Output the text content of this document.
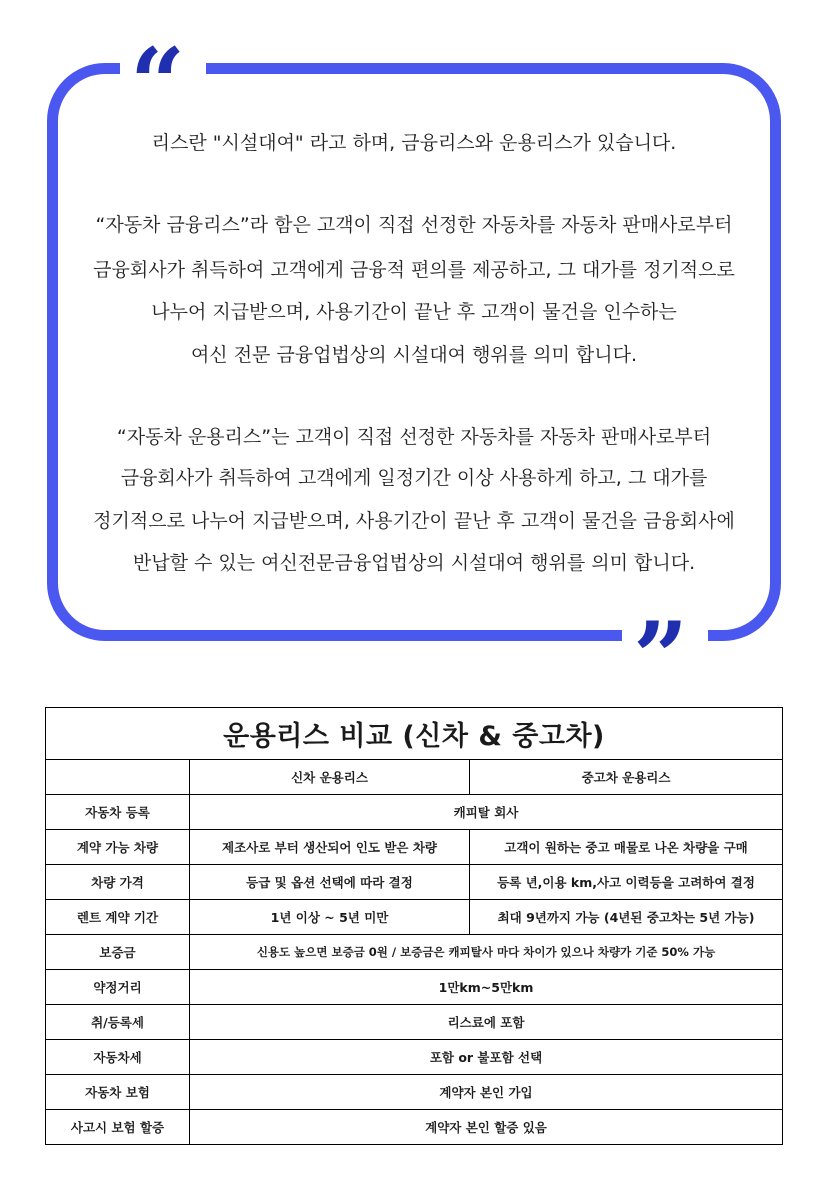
“
”
리스란 "시설대여" 라고 하며, 금융리스와 운용리스가 있습니다.
“자동차 금융리스”라 함은 고객이 직접 선정한 자동차를 자동차 판매사로부터
금융회사가 취득하여 고객에게 금융적 편의를 제공하고, 그 대가를 정기적으로
나누어 지급받으며, 사용기간이 끝난 후 고객이 물건을 인수하는
여신 전문 금융업법상의 시설대여 행위를 의미 합니다.
“자동차 운용리스”는 고객이 직접 선정한 자동차를 자동차 판매사로부터
금융회사가 취득하여 고객에게 일정기간 이상 사용하게 하고, 그 대가를
정기적으로 나누어 지급받으며, 사용기간이 끝난 후 고객이 물건을 금융회사에
반납할 수 있는 여신전문금융업법상의 시설대여 행위를 의미 합니다.
운용리스 비교 (신차 & 중고차)		
	신차 운용리스	중고차 운용리스
자동차 등록	캐피탈 회사	
계약 가능 차량	제조사로 부터 생산되어 인도 받은 차량	고객이 원하는 중고 매물로 나온 차량을 구매
차량 가격	등급 및 옵션 선택에 따라 결정	등록 년,이용 km,사고 이력등을 고려하여 결정
렌트 계약 기간	1년 이상 ~ 5년 미만	최대 9년까지 가능 (4년된 중고차는 5년 가능)
보증금	신용도 높으면 보증금 0원 / 보증금은 캐피탈사 마다 차이가 있으나 차량가 기준 50% 가능	
약정거리	1만km~5만km	
취/등록세	리스료에 포함	
자동차세	포함 or 불포함 선택	
자동차 보험	계약자 본인 가입	
사고시 보험 할증	계약자 본인 할증 있음	
